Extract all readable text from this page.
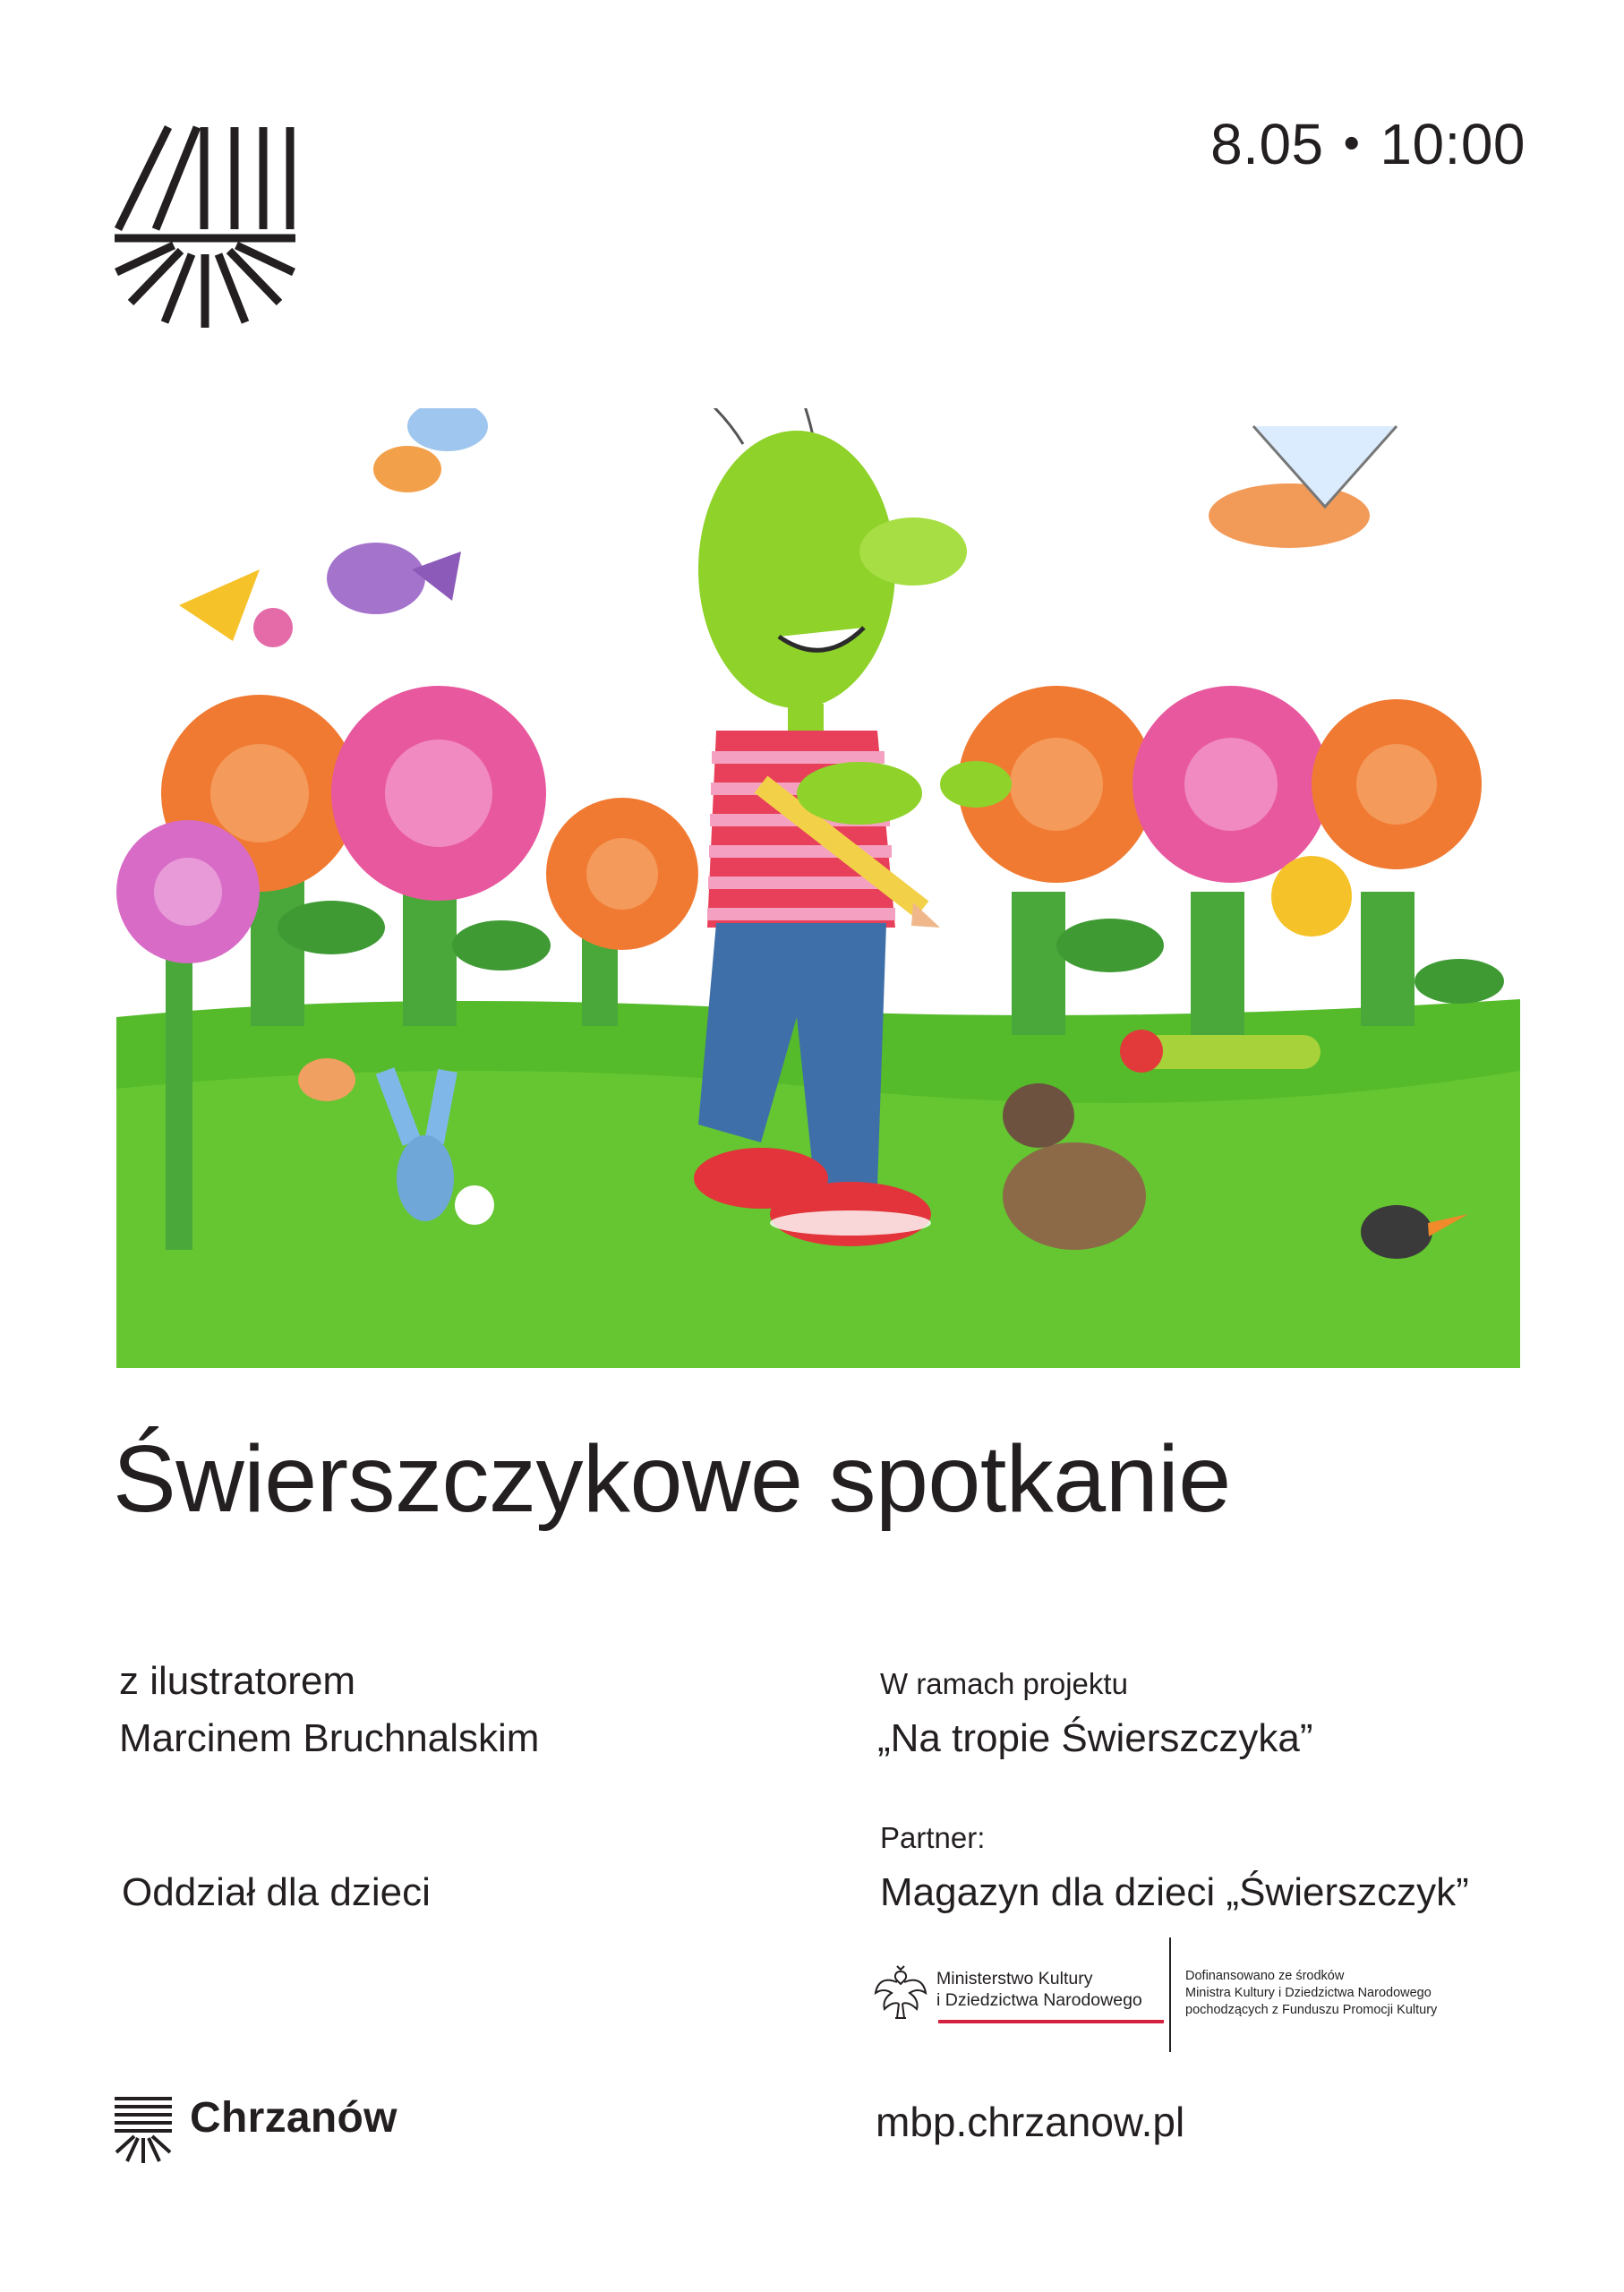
8.05 • 10:00
Świerszczykowe spotkanie
z ilustratorem
Marcinem Bruchnalskim
Oddział dla dzieci
W ramach projektu
„Na tropie Świerszczyka”
Partner:
Magazyn dla dzieci „Świerszczyk”
Ministerstwo Kultury
i Dziedzictwa Narodowego
Dofinansowano ze środków
Ministra Kultury i Dziedzictwa Narodowego
pochodzących z Funduszu Promocji Kultury
Chrzanów	mbp.chrzanow.pl
